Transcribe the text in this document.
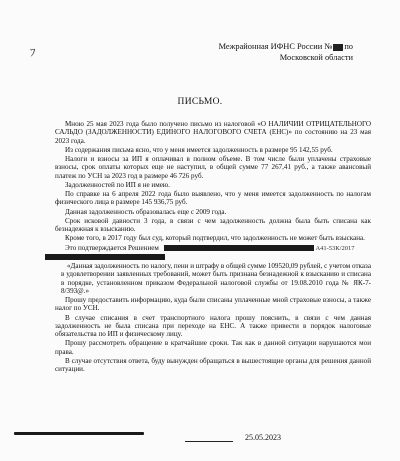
ﾌ
Межрайонная ИФНС России № по
Московской области
ПИСЬМО.

Мною 25 мая 2023 года было получено письмо из налоговой «О НАЛИЧИИ ОТРИЦАТЕЛЬНОГО САЛЬДО (ЗАДОЛЖЕННОСТИ) ЕДИНОГО НАЛОГОВОГО СЧЕТА (ЕНС)» по состоянию на 23 мая 2023 года.

Из содержания письма ясно, что у меня имеется задолженность в размере 95 142,55 руб.

Налоги и взносы за ИП я оплачивал в полном объеме. В том числе были уплачены страховые взносы, срок оплаты которых еще не наступил, в общей сумме 77 267,41 руб., а также авансовый платеж по УСН за 2023 год в размере 46 726 руб.

Задолженностей по ИП я не имею.

По справке на 6 апреля 2022 года было выявлено, что у меня имеется задолженность по налогам физического лица в размере 145 936,75 руб.

Данная задолженность образовалась еще с 2009 года.

Срок исковой давности 3 года, в связи с чем задолженность должна была быть списана как безнадежная к взысканию.

Кроме того, в 2017 году был суд, который подтвердил, что задолженность не может быть взыскана.

Это подтверждается Решением	А41-53К/2017

«Данная задолженность по налогу, пени и штрафу в общей сумме 109520,09 рублей, с учетом отказа в удовлетворении заявленных требований, может быть признана безнадежной к взысканию и списана в порядке, установленном приказом Федеральной налоговой службы от 19.08.2010 года № ЯК-7-8/393@.»

Прошу предоставить информацию, куда были списаны уплаченные мной страховые взносы, а также налог по УСН.

В случае списания в счет транспортного налога прошу пояснить, в связи с чем данная задолженность не была списана при переходе на ЕНС. А также привести в порядок налоговые обязательства по ИП и физическому лицу.

Прошу рассмотреть обращение в кратчайшие сроки. Так как в данной ситуации нарушаются мои права.

В случае отсутствия ответа, буду вынужден обращаться в вышестоящие органы для решения данной ситуации.

25.05.2023
